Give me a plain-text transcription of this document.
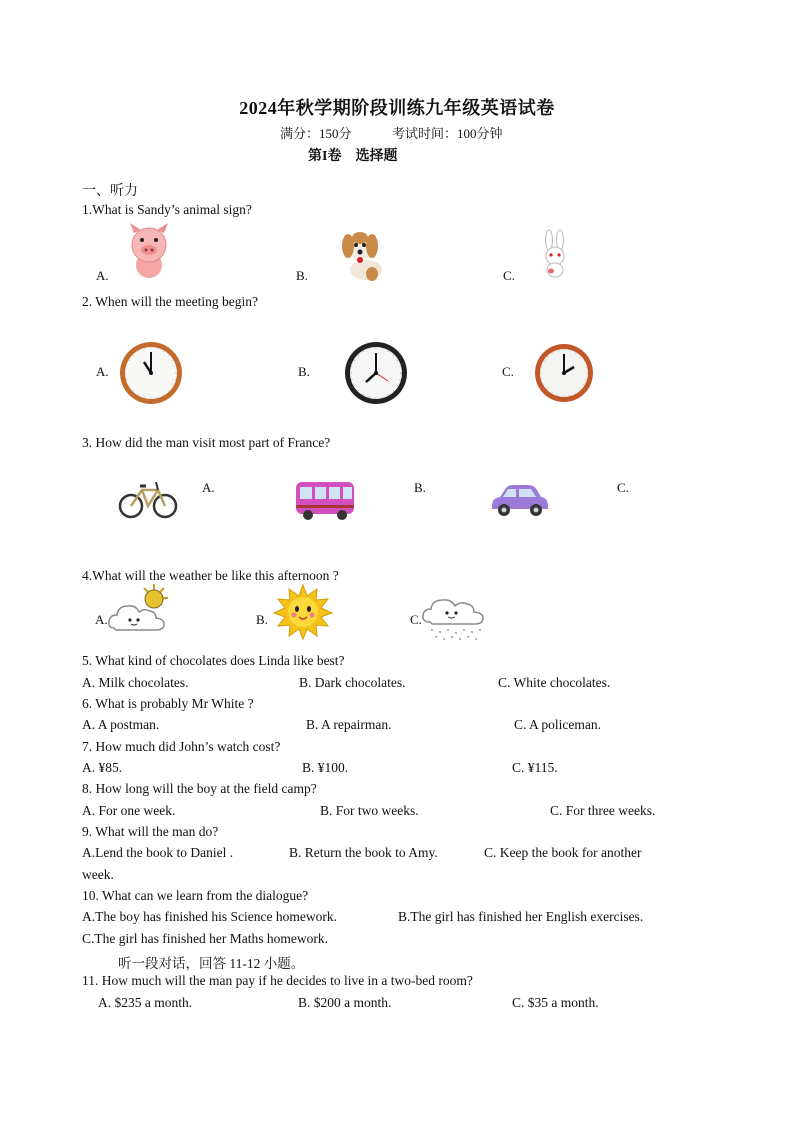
2024年秋学期阶段训练九年级英语试卷
满分：150分	考试时间：100分钟
第I卷　选择题
一、听力
1.What is Sandy’s animal sign?
A.	B.	C.
2. When will the meeting begin?
A.	B.	C.
3. How did the man visit most part of France?
A.	B.	C.
4.What will the weather be like this afternoon ?
A.	B.	C.
5. What kind of chocolates does Linda like best?
A. Milk chocolates.	B. Dark chocolates.	C. White chocolates.
6. What is probably Mr White ?
A. A postman.	B. A repairman.	C. A policeman.
7. How much did John’s watch cost?
A. ¥85.	B. ¥100.	C. ¥115.
8. How long will the boy at the field camp?
A. For one week.	B. For two weeks.	C. For three weeks.
9. What will the man do?
A.Lend the book to Daniel .	B. Return the book to Amy.	C. Keep the book for another
week.
10. What can we learn from the dialogue?
A.The boy has finished his Science homework.	B.The girl has finished her English exercises.
C.The girl has finished her Maths homework.
听一段对话，回答 11-12 小题。
11. How much will the man pay if he decides to live in a two-bed room?
A. $235 a month.	B. $200 a month.	C. $35 a month.
